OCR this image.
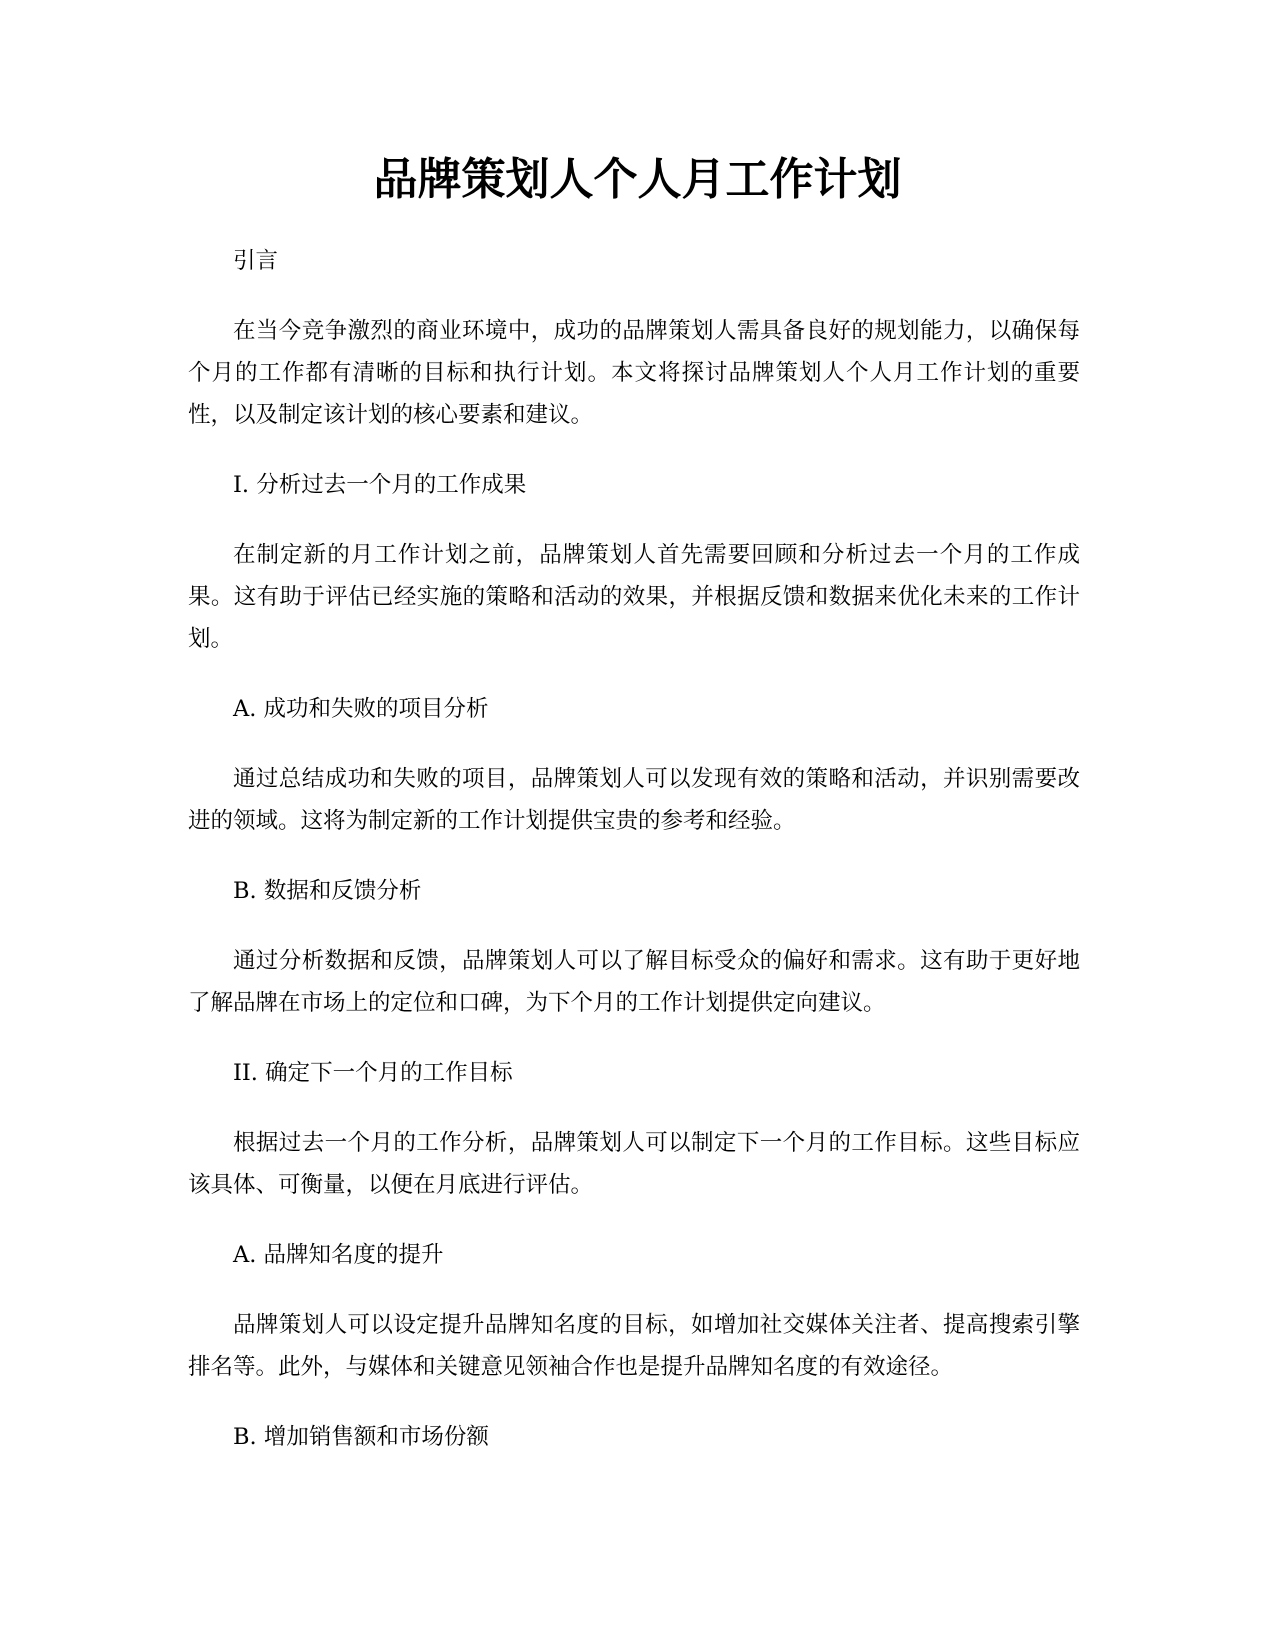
品牌策划人个人月工作计划

引言

在当今竞争激烈的商业环境中，成功的品牌策划人需具备良好的规划能力，以确保每个月的工作都有清晰的目标和执行计划。本文将探讨品牌策划人个人月工作计划的重要性，以及制定该计划的核心要素和建议。

I. 分析过去一个月的工作成果

在制定新的月工作计划之前，品牌策划人首先需要回顾和分析过去一个月的工作成果。这有助于评估已经实施的策略和活动的效果，并根据反馈和数据来优化未来的工作计划。

A. 成功和失败的项目分析

通过总结成功和失败的项目，品牌策划人可以发现有效的策略和活动，并识别需要改进的领域。这将为制定新的工作计划提供宝贵的参考和经验。

B. 数据和反馈分析

通过分析数据和反馈，品牌策划人可以了解目标受众的偏好和需求。这有助于更好地了解品牌在市场上的定位和口碑，为下个月的工作计划提供定向建议。

II. 确定下一个月的工作目标

根据过去一个月的工作分析，品牌策划人可以制定下一个月的工作目标。这些目标应该具体、可衡量，以便在月底进行评估。

A. 品牌知名度的提升

品牌策划人可以设定提升品牌知名度的目标，如增加社交媒体关注者、提高搜索引擎排名等。此外，与媒体和关键意见领袖合作也是提升品牌知名度的有效途径。

B. 增加销售额和市场份额
